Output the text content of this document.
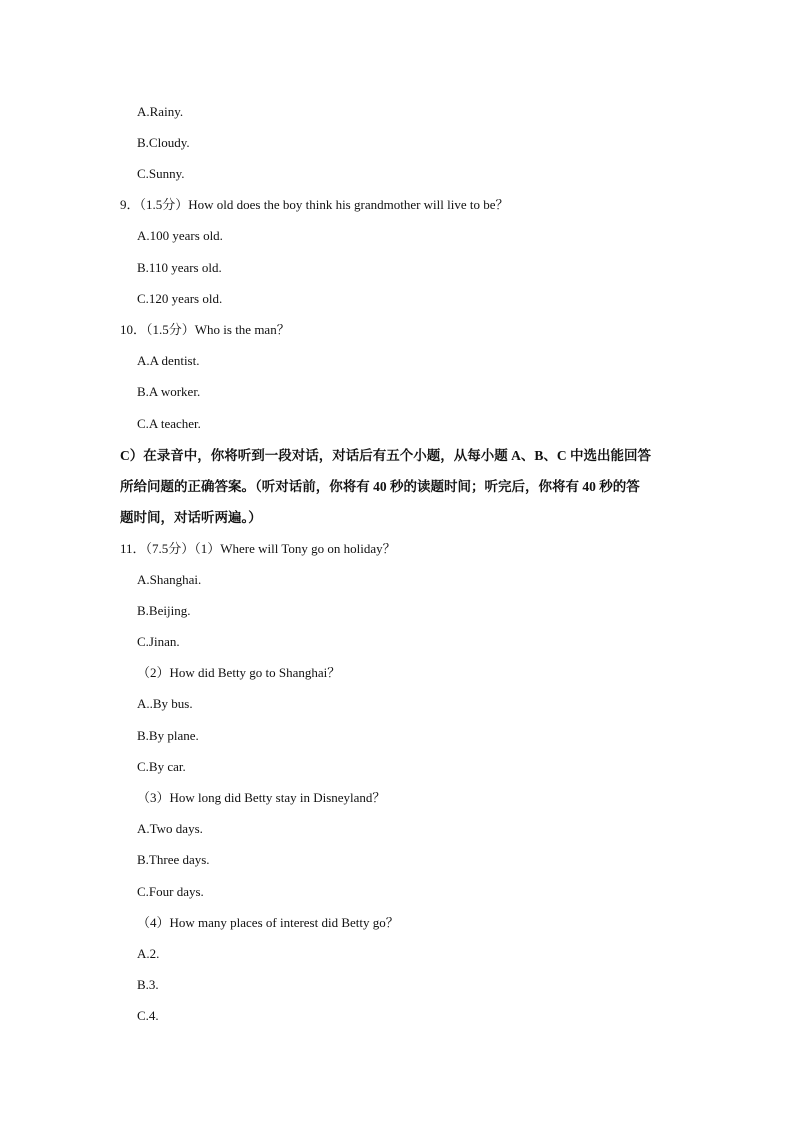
A.Rainy.
B.Cloudy.
C.Sunny.
9．（1.5分）How old does the boy think his grandmother will live to be？
A.100 years old.
B.110 years old.
C.120 years old.
10．（1.5分）Who is the man？
A.A dentist.
B.A worker.
C.A teacher.
C）在录音中，你将听到一段对话，对话后有五个小题，从每小题 A、B、C 中选出能回答
所给问题的正确答案。（听对话前，你将有 40 秒的读题时间；听完后，你将有 40 秒的答
题时间，对话听两遍。）
11．（7.5分）（1）Where will Tony go on holiday？
A.Shanghai.
B.Beijing.
C.Jinan.
（2）How did Betty go to Shanghai？
A..By bus.
B.By plane.
C.By car.
（3）How long did Betty stay in Disneyland？
A.Two days.
B.Three days.
C.Four days.
（4）How many places of interest did Betty go？
A.2.
B.3.
C.4.
